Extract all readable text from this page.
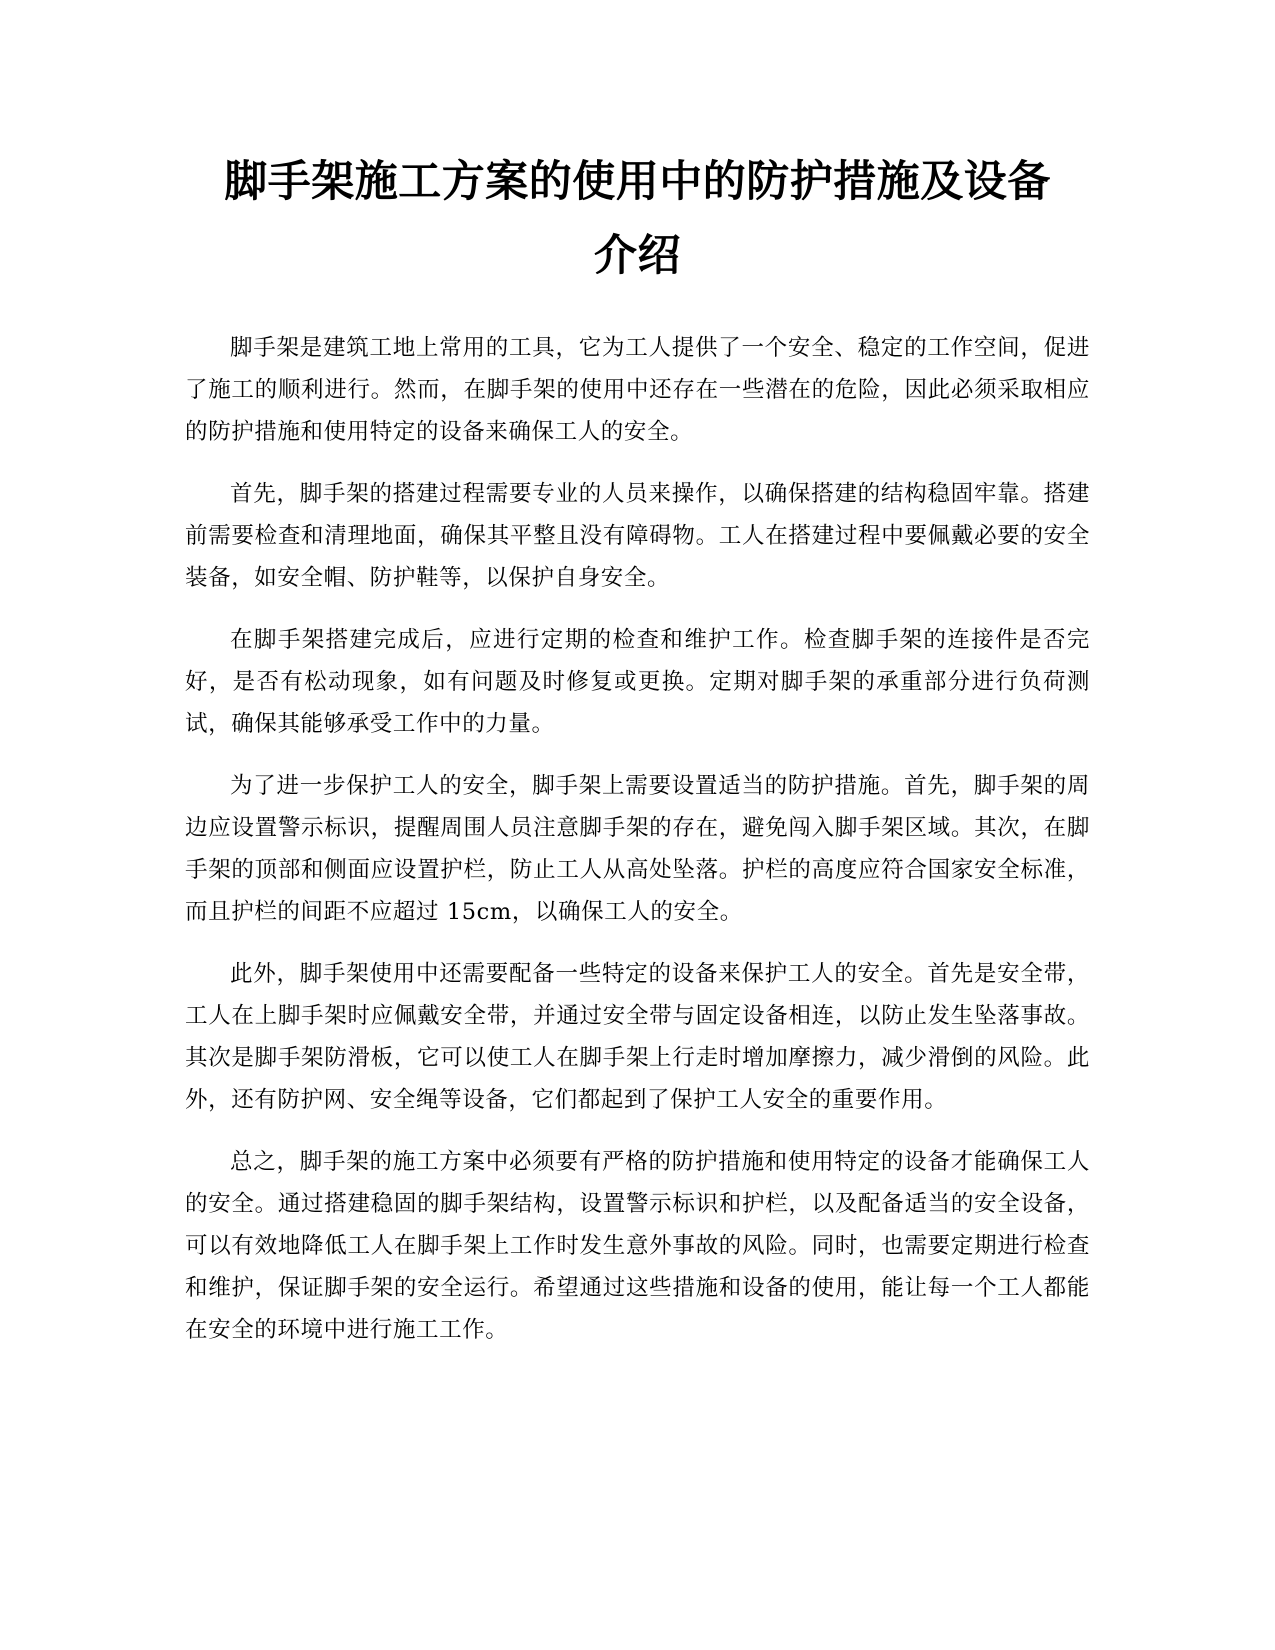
脚手架施工方案的使用中的防护措施及设备
介绍

脚手架是建筑工地上常用的工具，它为工人提供了一个安全、稳定的工作空间，促进了施工的顺利进行。然而，在脚手架的使用中还存在一些潜在的危险，因此必须采取相应的防护措施和使用特定的设备来确保工人的安全。

首先，脚手架的搭建过程需要专业的人员来操作，以确保搭建的结构稳固牢靠。搭建前需要检查和清理地面，确保其平整且没有障碍物。工人在搭建过程中要佩戴必要的安全装备，如安全帽、防护鞋等，以保护自身安全。

在脚手架搭建完成后，应进行定期的检查和维护工作。检查脚手架的连接件是否完好，是否有松动现象，如有问题及时修复或更换。定期对脚手架的承重部分进行负荷测试，确保其能够承受工作中的力量。

为了进一步保护工人的安全，脚手架上需要设置适当的防护措施。首先，脚手架的周边应设置警示标识，提醒周围人员注意脚手架的存在，避免闯入脚手架区域。其次，在脚手架的顶部和侧面应设置护栏，防止工人从高处坠落。护栏的高度应符合国家安全标准，而且护栏的间距不应超过 15cm，以确保工人的安全。

此外，脚手架使用中还需要配备一些特定的设备来保护工人的安全。首先是安全带，工人在上脚手架时应佩戴安全带，并通过安全带与固定设备相连，以防止发生坠落事故。其次是脚手架防滑板，它可以使工人在脚手架上行走时增加摩擦力，减少滑倒的风险。此外，还有防护网、安全绳等设备，它们都起到了保护工人安全的重要作用。

总之，脚手架的施工方案中必须要有严格的防护措施和使用特定的设备才能确保工人的安全。通过搭建稳固的脚手架结构，设置警示标识和护栏，以及配备适当的安全设备，可以有效地降低工人在脚手架上工作时发生意外事故的风险。同时，也需要定期进行检查和维护，保证脚手架的安全运行。希望通过这些措施和设备的使用，能让每一个工人都能在安全的环境中进行施工工作。
